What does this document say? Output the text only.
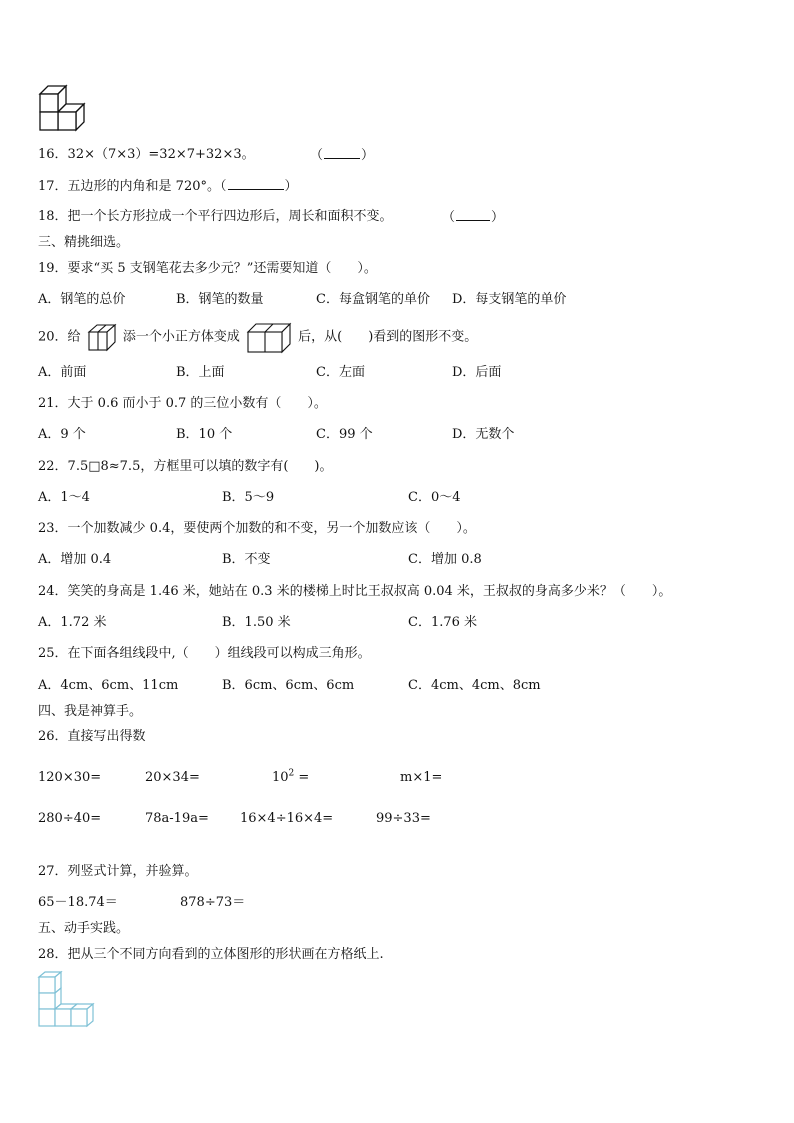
16．32×（7×3）=32×7+32×3。	（	）
17．五边形的内角和是 720°。（	）
18．把一个长方形拉成一个平行四边形后，周长和面积不变。	（	）
三、精挑细选。
19．要求“买 5 支钢笔花去多少元？”还需要知道（　　）。
A．钢笔的总价	B．钢笔的数量	C．每盒钢笔的单价 D．每支钢笔的单价
20．给	添一个小正方体变成	后，从(　　)看到的图形不变。
A．前面	B．上面	C．左面	D．后面
21．大于 0.6 而小于 0.7 的三位小数有（　　）。
A．9 个	B．10 个	C．99 个	D．无数个
22．7.5□8≈7.5，方框里可以填的数字有(　　)。
A．1～4	B．5～9	C．0～4
23．一个加数减少 0.4，要使两个加数的和不变，另一个加数应该（　　）。
A．增加 0.4	B．不变	C．增加 0.8
24．笑笑的身高是 1.46 米，她站在 0.3 米的楼梯上时比王叔叔高 0.04 米，王叔叔的身高多少米？（　　）。
A．1.72 米	B．1.50 米	C．1.76 米
25．在下面各组线段中,（　　）组线段可以构成三角形。
A．4cm、6cm、11cm	B．6cm、6cm、6cm	C．4cm、4cm、8cm
四、我是神算手。
26．直接写出得数
120×30=	20×34=	$10^2$ =	m×1=
280÷40=	78a-19a= 16×4÷16×4=	99÷33=
27．列竖式计算，并验算。
65－18.74＝	878÷73＝
五、动手实践。
28．把从三个不同方向看到的立体图形的形状画在方格纸上.
